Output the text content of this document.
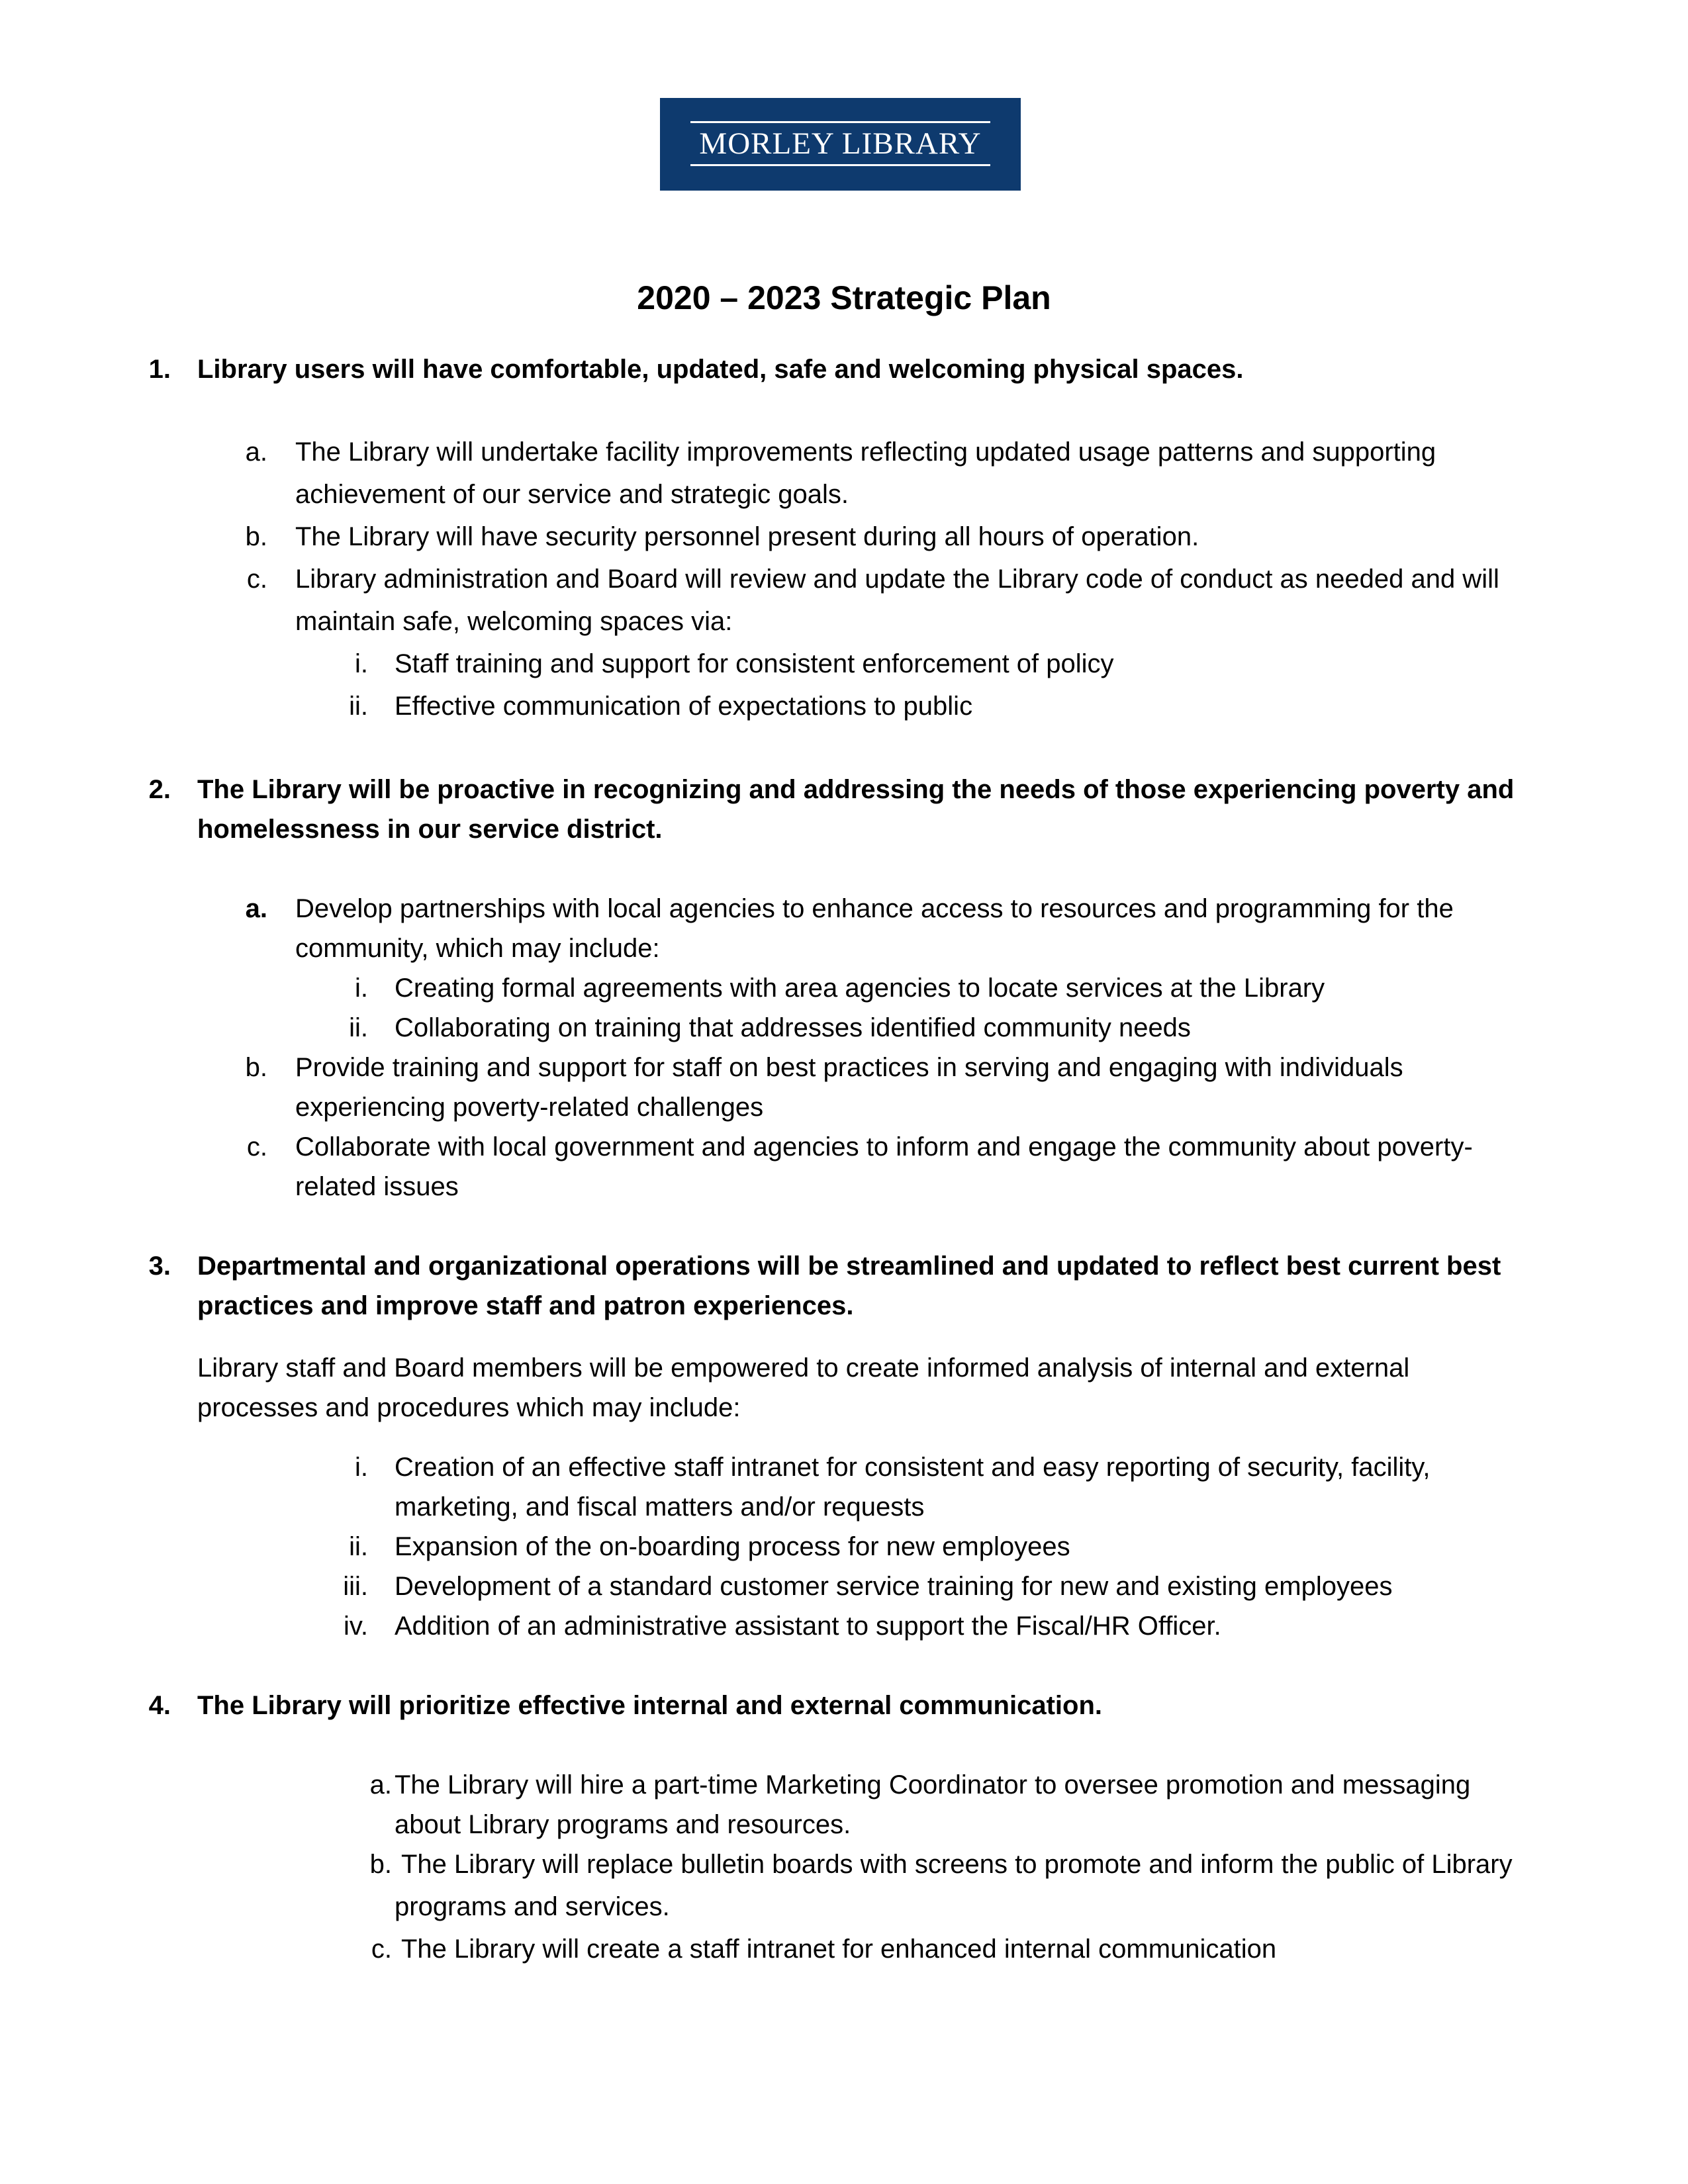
MORLEY LIBRARY
2020 – 2023 Strategic Plan
1. Library users will have comfortable, updated, safe and welcoming physical spaces.
a. The Library will undertake facility improvements reflecting updated usage patterns and supporting
achievement of our service and strategic goals.
b. The Library will have security personnel present during all hours of operation.
c. Library administration and Board will review and update the Library code of conduct as needed and will
maintain safe, welcoming spaces via:
i. Staff training and support for consistent enforcement of policy
ii. Effective communication of expectations to public
2. The Library will be proactive in recognizing and addressing the needs of those experiencing poverty and
homelessness in our service district.
a. Develop partnerships with local agencies to enhance access to resources and programming for the
community, which may include:
i. Creating formal agreements with area agencies to locate services at the Library
ii. Collaborating on training that addresses identified community needs
b. Provide training and support for staff on best practices in serving and engaging with individuals
experiencing poverty-related challenges
c. Collaborate with local government and agencies to inform and engage the community about poverty-
related issues
3. Departmental and organizational operations will be streamlined and updated to reflect best current best
practices and improve staff and patron experiences.
Library staff and Board members will be empowered to create informed analysis of internal and external
processes and procedures which may include:
i. Creation of an effective staff intranet for consistent and easy reporting of security, facility,
marketing, and fiscal matters and/or requests
ii. Expansion of the on-boarding process for new employees
iii. Development of a standard customer service training for new and existing employees
iv. Addition of an administrative assistant to support the Fiscal/HR Officer.
4. The Library will prioritize effective internal and external communication.
a. The Library will hire a part-time Marketing Coordinator to oversee promotion and messaging
about Library programs and resources.
b. The Library will replace bulletin boards with screens to promote and inform the public of Library
programs and services.
c. The Library will create a staff intranet for enhanced internal communication
